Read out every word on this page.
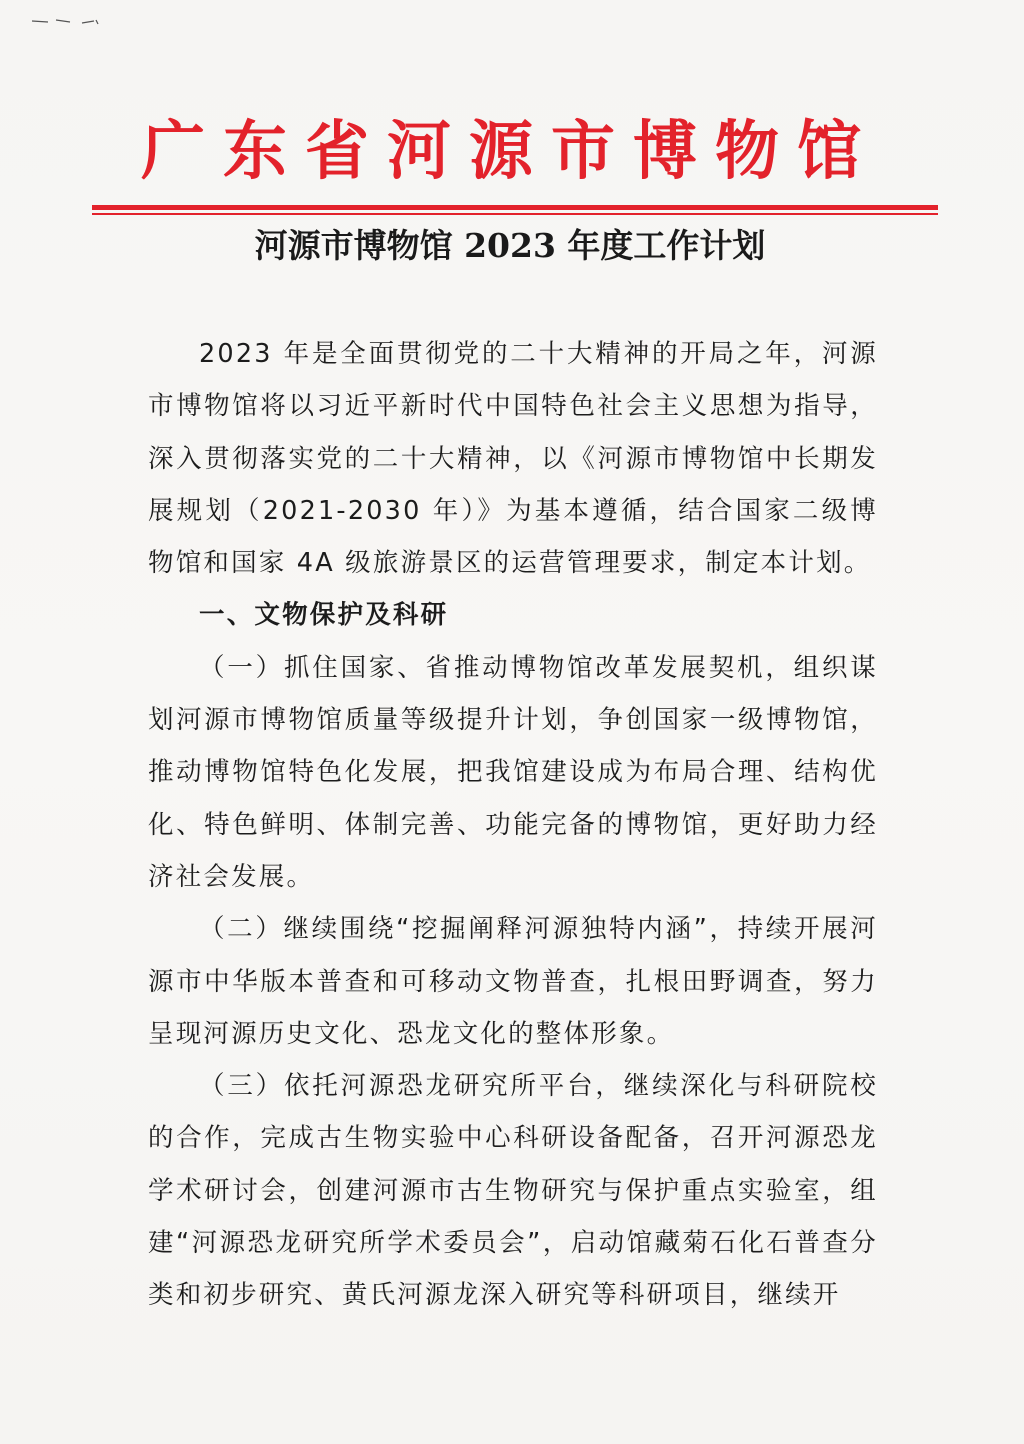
广东省河源市博物馆
河源市博物馆 2023 年度工作计划

2023 年是全面贯彻党的二十大精神的开局之年，河源市博物馆将以习近平新时代中国特色社会主义思想为指导，深入贯彻落实党的二十大精神，以《河源市博物馆中长期发展规划（2021-2030 年）》为基本遵循，结合国家二级博物馆和国家 4A 级旅游景区的运营管理要求，制定本计划。

一、文物保护及科研

（一）抓住国家、省推动博物馆改革发展契机，组织谋划河源市博物馆质量等级提升计划，争创国家一级博物馆，推动博物馆特色化发展，把我馆建设成为布局合理、结构优化、特色鲜明、体制完善、功能完备的博物馆，更好助力经济社会发展。

（二）继续围绕“挖掘阐释河源独特内涵”，持续开展河源市中华版本普查和可移动文物普查，扎根田野调查，努力呈现河源历史文化、恐龙文化的整体形象。

（三）依托河源恐龙研究所平台，继续深化与科研院校的合作，完成古生物实验中心科研设备配备，召开河源恐龙学术研讨会，创建河源市古生物研究与保护重点实验室，组建“河源恐龙研究所学术委员会”，启动馆藏菊石化石普查分类和初步研究、黄氏河源龙深入研究等科研项目，继续开
